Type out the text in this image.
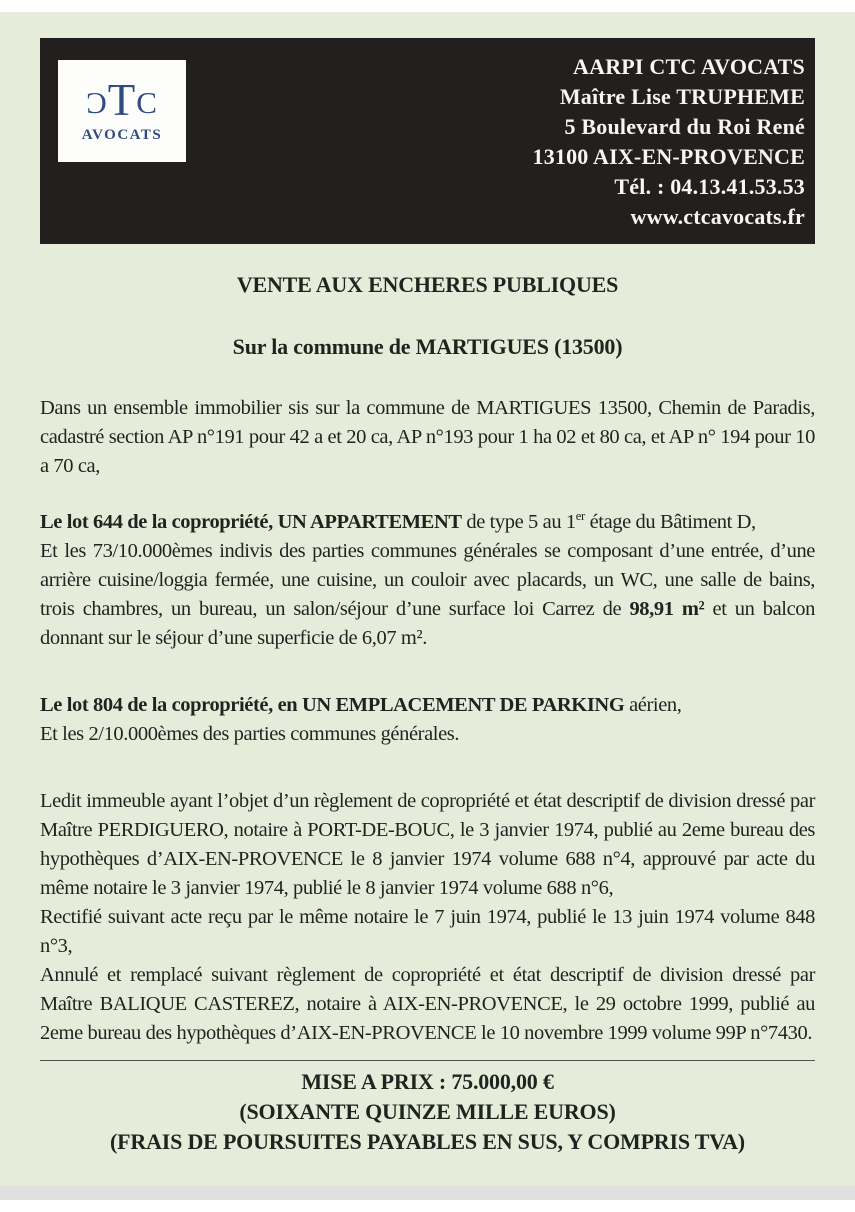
ƆTC
AVOCATS
AARPI CTC AVOCATS
Maître Lise TRUPHEME
5 Boulevard du Roi René
13100 AIX-EN-PROVENCE
Tél. : 04.13.41.53.53
www.ctcavocats.fr
VENTE AUX ENCHERES PUBLIQUES
Sur la commune de MARTIGUES (13500)

Dans un ensemble immobilier sis sur la commune de MARTIGUES 13500, Chemin de Paradis, cadastré section AP n°191 pour 42 a et 20 ca, AP n°193 pour 1 ha 02 et 80 ca, et AP n° 194 pour 10 a 70 ca,

Le lot 644 de la copropriété, UN APPARTEMENT de type 5 au 1er étage du Bâtiment D,

Et les 73/10.000èmes indivis des parties communes générales se composant d’une entrée, d’une arrière cuisine/loggia fermée, une cuisine, un couloir avec placards, un WC, une salle de bains, trois chambres, un bureau, un salon/séjour d’une surface loi Carrez de 98,91 m² et un balcon donnant sur le séjour d’une superficie de 6,07 m².

Le lot 804 de la copropriété, en UN EMPLACEMENT DE PARKING aérien,

Et les 2/10.000èmes des parties communes générales.

Ledit immeuble ayant l’objet d’un règlement de copropriété et état descriptif de division dressé par Maître PERDIGUERO, notaire à PORT-DE-BOUC, le 3 janvier 1974, publié au 2eme bureau des hypothèques d’AIX-EN-PROVENCE le 8 janvier 1974 volume 688 n°4, approuvé par acte du même notaire le 3 janvier 1974, publié le 8 janvier 1974 volume 688 n°6,

Rectifié suivant acte reçu par le même notaire le 7 juin 1974, publié le 13 juin 1974 volume 848 n°3,

Annulé et remplacé suivant règlement de copropriété et état descriptif de division dressé par Maître BALIQUE CASTEREZ, notaire à AIX-EN-PROVENCE, le 29 octobre 1999, publié au 2eme bureau des hypothèques d’AIX-EN-PROVENCE le 10 novembre 1999 volume 99P n°7430.

MISE A PRIX : 75.000,00 €
(SOIXANTE QUINZE MILLE EUROS)
(FRAIS DE POURSUITES PAYABLES EN SUS, Y COMPRIS TVA)
